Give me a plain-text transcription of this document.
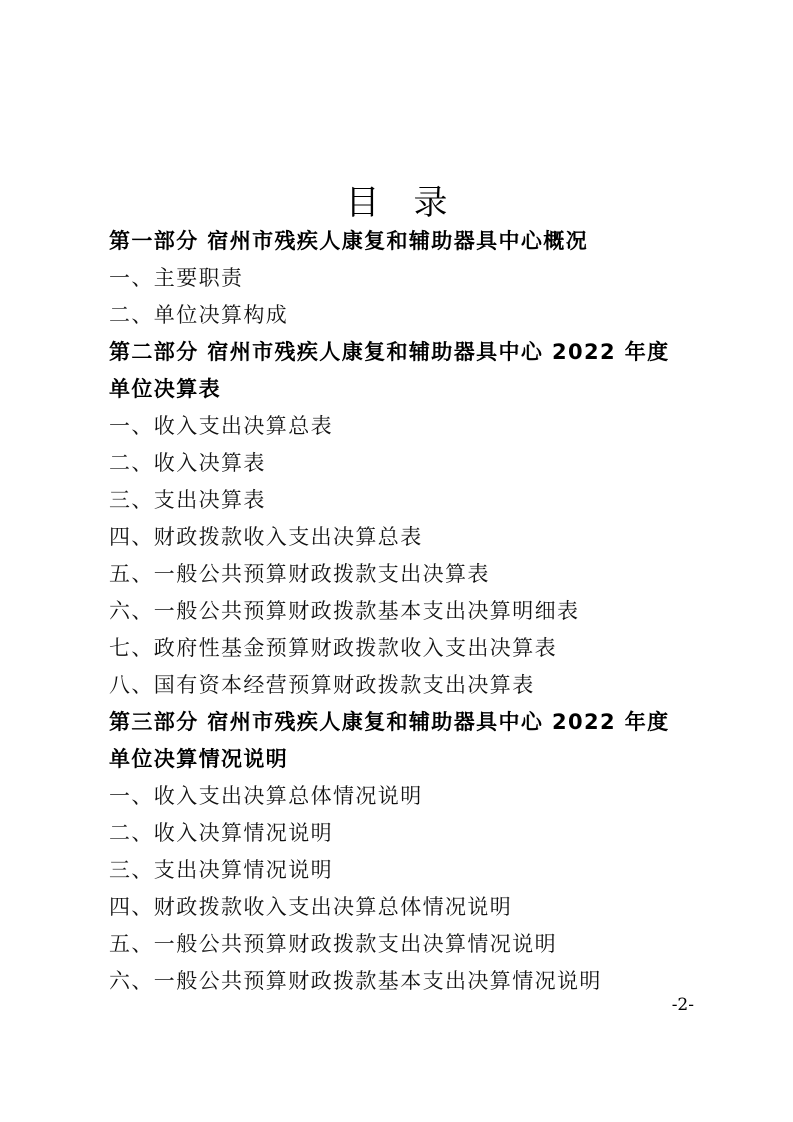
目录
第一部分 宿州市残疾人康复和辅助器具中心概况
一、主要职责
二、单位决算构成
第二部分 宿州市残疾人康复和辅助器具中心 2022 年度
单位决算表
一、收入支出决算总表
二、收入决算表
三、支出决算表
四、财政拨款收入支出决算总表
五、一般公共预算财政拨款支出决算表
六、一般公共预算财政拨款基本支出决算明细表
七、政府性基金预算财政拨款收入支出决算表
八、国有资本经营预算财政拨款支出决算表
第三部分 宿州市残疾人康复和辅助器具中心 2022 年度
单位决算情况说明
一、收入支出决算总体情况说明
二、收入决算情况说明
三、支出决算情况说明
四、财政拨款收入支出决算总体情况说明
五、一般公共预算财政拨款支出决算情况说明
六、一般公共预算财政拨款基本支出决算情况说明
-2-
